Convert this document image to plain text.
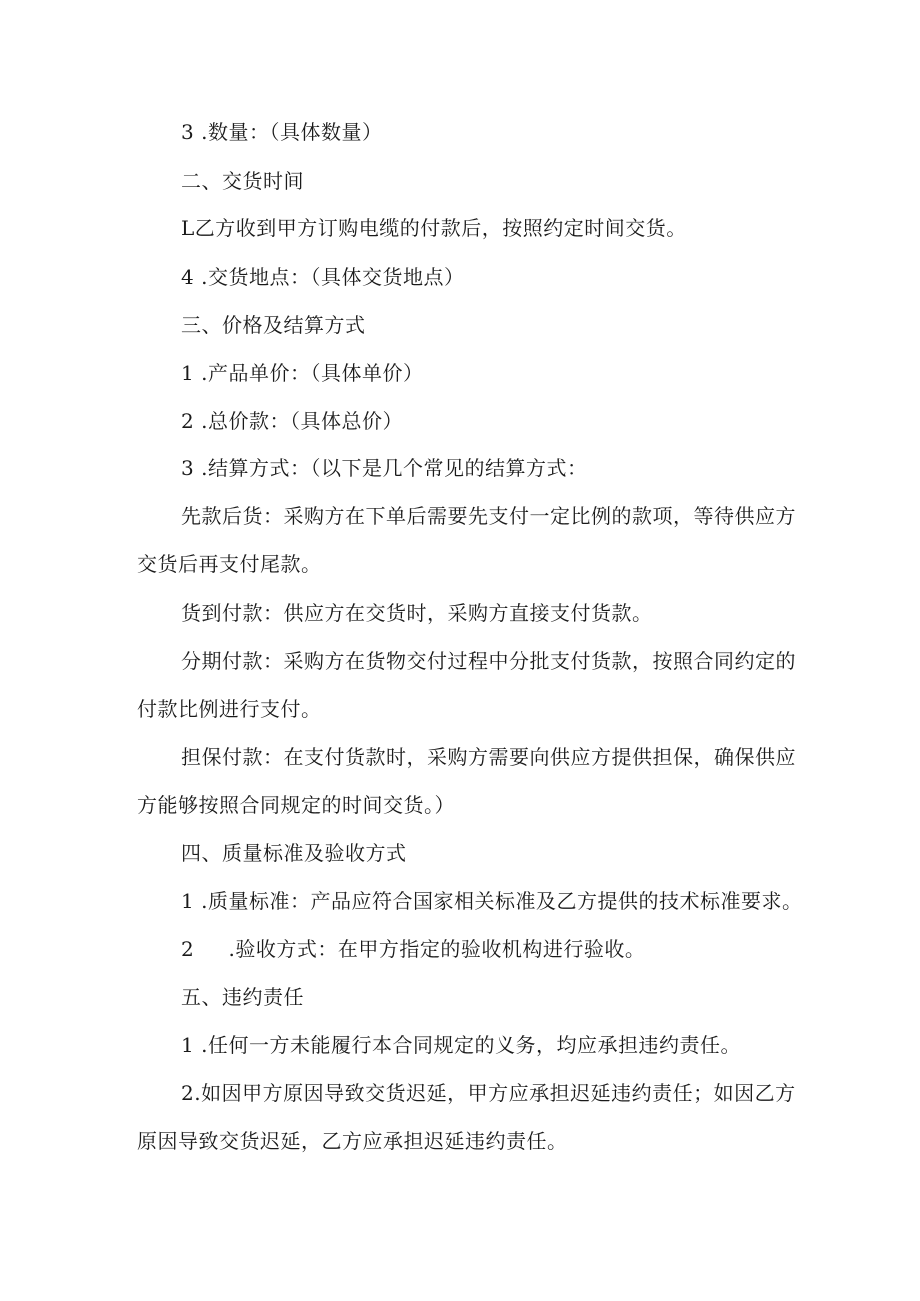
3 .数量：（具体数量）
二、交货时间
L乙方收到甲方订购电缆的付款后，按照约定时间交货。
4 .交货地点：（具体交货地点）
三、价格及结算方式
1 .产品单价：（具体单价）
2 .总价款：（具体总价）
3 .结算方式：（以下是几个常见的结算方式：
先款后货：采购方在下单后需要先支付一定比例的款项，等待供应方
交货后再支付尾款。
货到付款：供应方在交货时，采购方直接支付货款。
分期付款：采购方在货物交付过程中分批支付货款，按照合同约定的
付款比例进行支付。
担保付款：在支付货款时，采购方需要向供应方提供担保，确保供应
方能够按照合同规定的时间交货。）
四、质量标准及验收方式
1 .质量标准：产品应符合国家相关标准及乙方提供的技术标准要求。
2     .验收方式：在甲方指定的验收机构进行验收。
五、违约责任
1 .任何一方未能履行本合同规定的义务，均应承担违约责任。
2.如因甲方原因导致交货迟延，甲方应承担迟延违约责任；如因乙方
原因导致交货迟延，乙方应承担迟延违约责任。
